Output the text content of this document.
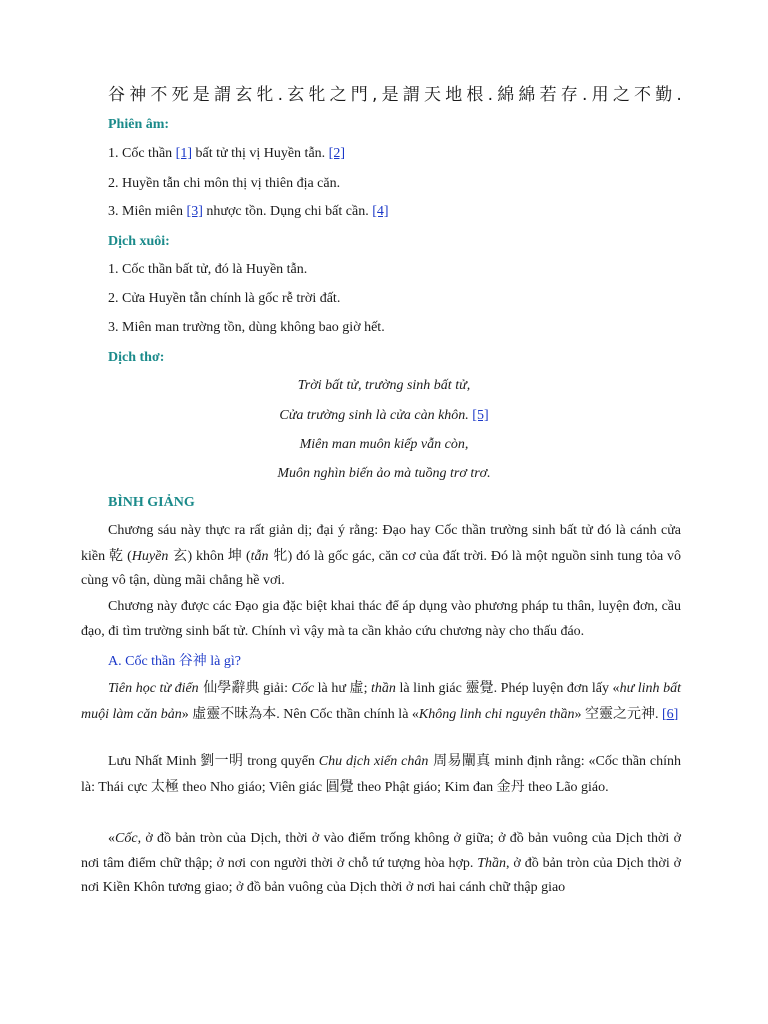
谷神不死是謂玄牝.玄牝之門,是謂天地根.綿綿若存.用之不勤.
Phiên âm:
1. Cốc thần [1] bất tử thị vị Huyền tẫn. [2]
2. Huyền tẫn chi môn thị vị thiên địa căn.
3. Miên miên [3] nhược tồn. Dụng chi bất cần. [4]
Dịch xuôi:
1. Cốc thần bất tử, đó là Huyền tẫn.
2. Cửa Huyền tẫn chính là gốc rễ trời đất.
3. Miên man trường tồn, dùng không bao giờ hết.
Dịch thơ:
Trời bất tử, trường sinh bất tử,
Cửa trường sinh là cửa càn khôn. [5]
Miên man muôn kiếp vẫn còn,
Muôn nghìn biến ảo mà tuồng trơ trơ.
BÌNH GIẢNG
Chương sáu này thực ra rất giản dị; đại ý rằng: Đạo hay Cốc thần trường sinh bất tử đó là cánh cửa kiền 乾 (Huyền 玄) khôn 坤 (tẫn 牝) đó là gốc gác, căn cơ của đất trời. Đó là một nguồn sinh tung tỏa vô cùng vô tận, dùng mãi chẳng hề vơi.
Chương này được các Đạo gia đặc biệt khai thác để áp dụng vào phương pháp tu thân, luyện đơn, cầu đạo, đi tìm trường sinh bất tử. Chính vì vậy mà ta cần khảo cứu chương này cho thấu đáo.
A. Cốc thần 谷神 là gì?
Tiên học từ điển 仙學辭典 giải: Cốc là hư 虛; thần là linh giác 靈覺. Phép luyện đơn lấy «hư linh bất muội làm căn bản» 虛靈不昧為本. Nên Cốc thần chính là «Không linh chi nguyên thần» 空靈之元神. [6]
Lưu Nhất Minh 劉一明 trong quyển Chu dịch xiển chân 周易闡真 minh định rằng: «Cốc thần chính là: Thái cực 太極 theo Nho giáo; Viên giác 圓覺 theo Phật giáo; Kim đan 金丹 theo Lão giáo.
«Cốc, ở đồ bản tròn của Dịch, thời ở vào điểm trống không ở giữa; ở đồ bản vuông của Dịch thời ở nơi tâm điểm chữ thập; ở nơi con người thời ở chỗ tứ tượng hòa hợp. Thần, ở đồ bản tròn của Dịch thời ở nơi Kiền Khôn tương giao; ở đồ bản vuông của Dịch thời ở nơi hai cánh chữ thập giao
